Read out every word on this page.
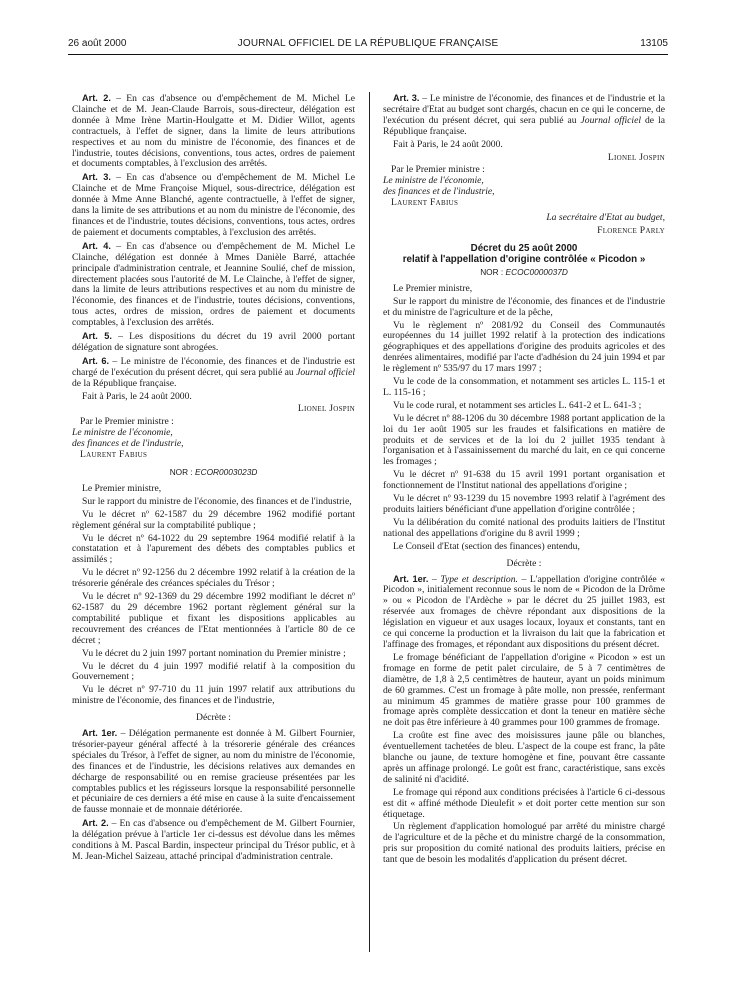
26 août 2000	JOURNAL OFFICIEL DE LA RÉPUBLIQUE FRANÇAISE	13105

Art. 2. – En cas d'absence ou d'empêchement de M. Michel Le Clainche et de M. Jean-Claude Barrois, sous-directeur, délégation est donnée à Mme Irène Martin-Houlgatte et M. Didier Willot, agents contractuels, à l'effet de signer, dans la limite de leurs attributions respectives et au nom du ministre de l'économie, des finances et de l'industrie, toutes décisions, conventions, tous actes, ordres de paiement et documents comptables, à l'exclusion des arrêtés.

Art. 3. – En cas d'absence ou d'empêchement de M. Michel Le Clainche et de Mme Françoise Miquel, sous-directrice, délégation est donnée à Mme Anne Blanché, agente contractuelle, à l'effet de signer, dans la limite de ses attributions et au nom du ministre de l'économie, des finances et de l'industrie, toutes décisions, conventions, tous actes, ordres de paiement et documents comptables, à l'exclusion des arrêtés.

Art. 4. – En cas d'absence ou d'empêchement de M. Michel Le Clainche, délégation est donnée à Mmes Danièle Barré, attachée principale d'administration centrale, et Jeannine Soulié, chef de mission, directement placées sous l'autorité de M. Le Clainche, à l'effet de signer, dans la limite de leurs attributions respectives et au nom du ministre de l'économie, des finances et de l'industrie, toutes décisions, conventions, tous actes, ordres de mission, ordres de paiement et documents comptables, à l'exclusion des arrêtés.

Art. 5. – Les dispositions du décret du 19 avril 2000 portant délégation de signature sont abrogées.

Art. 6. – Le ministre de l'économie, des finances et de l'industrie est chargé de l'exécution du présent décret, qui sera publié au Journal officiel de la République française.

Fait à Paris, le 24 août 2000.

Lionel Jospin
Par le Premier ministre :
Le ministre de l'économie,
des finances et de l'industrie,
Laurent Fabius
NOR : ECOR0003023D

Le Premier ministre,

Sur le rapport du ministre de l'économie, des finances et de l'industrie,

Vu le décret nº 62-1587 du 29 décembre 1962 modifié portant règlement général sur la comptabilité publique ;

Vu le décret nº 64-1022 du 29 septembre 1964 modifié relatif à la constatation et à l'apurement des débets des comptables publics et assimilés ;

Vu le décret nº 92-1256 du 2 décembre 1992 relatif à la création de la trésorerie générale des créances spéciales du Trésor ;

Vu le décret nº 92-1369 du 29 décembre 1992 modifiant le décret nº 62-1587 du 29 décembre 1962 portant règlement général sur la comptabilité publique et fixant les dispositions applicables au recouvrement des créances de l'Etat mentionnées à l'article 80 de ce décret ;

Vu le décret du 2 juin 1997 portant nomination du Premier ministre ;

Vu le décret du 4 juin 1997 modifié relatif à la composition du Gouvernement ;

Vu le décret nº 97-710 du 11 juin 1997 relatif aux attributions du ministre de l'économie, des finances et de l'industrie,

Décrète :

Art. 1er. – Délégation permanente est donnée à M. Gilbert Fournier, trésorier-payeur général affecté à la trésorerie générale des créances spéciales du Trésor, à l'effet de signer, au nom du ministre de l'économie, des finances et de l'industrie, les décisions relatives aux demandes en décharge de responsabilité ou en remise gracieuse présentées par les comptables publics et les régisseurs lorsque la responsabilité personnelle et pécuniaire de ces derniers a été mise en cause à la suite d'encaissement de fausse monnaie et de monnaie détériorée.

Art. 2. – En cas d'absence ou d'empêchement de M. Gilbert Fournier, la délégation prévue à l'article 1er ci-dessus est dévolue dans les mêmes conditions à M. Pascal Bardin, inspecteur principal du Trésor public, et à M. Jean-Michel Saizeau, attaché principal d'administration centrale.

Art. 3. – Le ministre de l'économie, des finances et de l'industrie et la secrétaire d'Etat au budget sont chargés, chacun en ce qui le concerne, de l'exécution du présent décret, qui sera publié au Journal officiel de la République française.

Fait à Paris, le 24 août 2000.

Lionel Jospin
Par le Premier ministre :
Le ministre de l'économie,
des finances et de l'industrie,
Laurent Fabius
La secrétaire d'Etat au budget,
Florence Parly
Décret du 25 août 2000
relatif à l'appellation d'origine contrôlée « Picodon »
NOR : ECOC0000037D

Le Premier ministre,

Sur le rapport du ministre de l'économie, des finances et de l'industrie et du ministre de l'agriculture et de la pêche,

Vu le règlement nº 2081/92 du Conseil des Communautés européennes du 14 juillet 1992 relatif à la protection des indications géographiques et des appellations d'origine des produits agricoles et des denrées alimentaires, modifié par l'acte d'adhésion du 24 juin 1994 et par le règlement nº 535/97 du 17 mars 1997 ;

Vu le code de la consommation, et notamment ses articles L. 115-1 et L. 115-16 ;

Vu le code rural, et notamment ses articles L. 641-2 et L. 641-3 ;

Vu le décret nº 88-1206 du 30 décembre 1988 portant application de la loi du 1er août 1905 sur les fraudes et falsifications en matière de produits et de services et de la loi du 2 juillet 1935 tendant à l'organisation et à l'assainissement du marché du lait, en ce qui concerne les fromages ;

Vu le décret nº 91-638 du 15 avril 1991 portant organisation et fonctionnement de l'Institut national des appellations d'origine ;

Vu le décret nº 93-1239 du 15 novembre 1993 relatif à l'agrément des produits laitiers bénéficiant d'une appellation d'origine contrôlée ;

Vu la délibération du comité national des produits laitiers de l'Institut national des appellations d'origine du 8 avril 1999 ;

Le Conseil d'Etat (section des finances) entendu,

Décrète :

Art. 1er. – Type et description. – L'appellation d'origine contrôlée « Picodon », initialement reconnue sous le nom de « Picodon de la Drôme » ou « Picodon de l'Ardèche » par le décret du 25 juillet 1983, est réservée aux fromages de chèvre répondant aux dispositions de la législation en vigueur et aux usages locaux, loyaux et constants, tant en ce qui concerne la production et la livraison du lait que la fabrication et l'affinage des fromages, et répondant aux dispositions du présent décret.

Le fromage bénéficiant de l'appellation d'origine « Picodon » est un fromage en forme de petit palet circulaire, de 5 à 7 centimètres de diamètre, de 1,8 à 2,5 centimètres de hauteur, ayant un poids minimum de 60 grammes. C'est un fromage à pâte molle, non pressée, renfermant au minimum 45 grammes de matière grasse pour 100 grammes de fromage après complète dessiccation et dont la teneur en matière sèche ne doit pas être inférieure à 40 grammes pour 100 grammes de fromage.

La croûte est fine avec des moisissures jaune pâle ou blanches, éventuellement tachetées de bleu. L'aspect de la coupe est franc, la pâte blanche ou jaune, de texture homogène et fine, pouvant être cassante après un affinage prolongé. Le goût est franc, caractéristique, sans excès de salinité ni d'acidité.

Le fromage qui répond aux conditions précisées à l'article 6 ci-dessous est dit « affiné méthode Dieulefit » et doit porter cette mention sur son étiquetage.

Un règlement d'application homologué par arrêté du ministre chargé de l'agriculture et de la pêche et du ministre chargé de la consommation, pris sur proposition du comité national des produits laitiers, précise en tant que de besoin les modalités d'application du présent décret.
